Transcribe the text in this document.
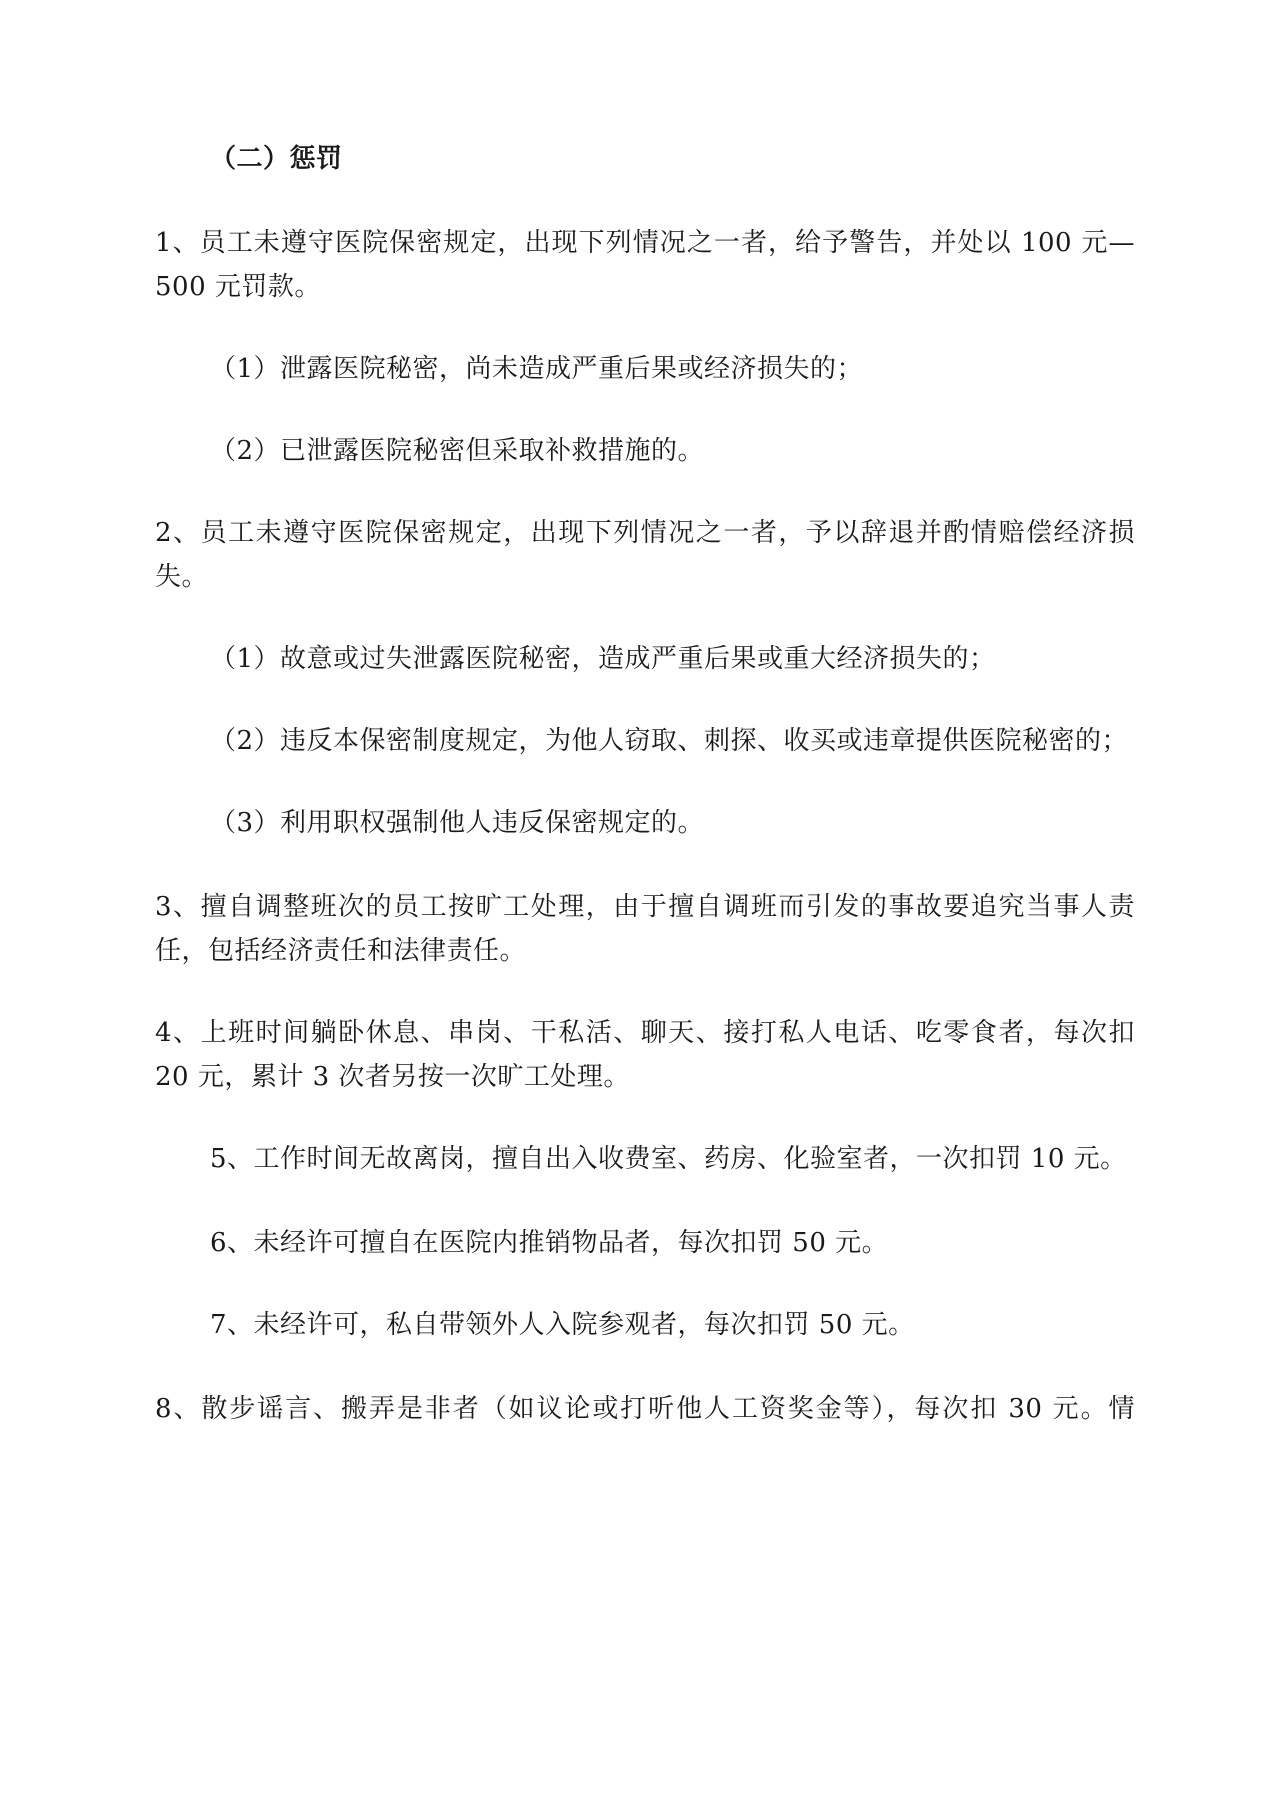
（二）惩罚

1、员工未遵守医院保密规定，出现下列情况之一者，给予警告，并处以 100 元—

500 元罚款。

（1）泄露医院秘密，尚未造成严重后果或经济损失的；

（2）已泄露医院秘密但采取补救措施的。

2、员工未遵守医院保密规定，出现下列情况之一者，予以辞退并酌情赔偿经济损

失。

（1）故意或过失泄露医院秘密，造成严重后果或重大经济损失的；

（2）违反本保密制度规定，为他人窃取、刺探、收买或违章提供医院秘密的；

（3）利用职权强制他人违反保密规定的。

3、擅自调整班次的员工按旷工处理，由于擅自调班而引发的事故要追究当事人责

任，包括经济责任和法律责任。

4、上班时间躺卧休息、串岗、干私活、聊天、接打私人电话、吃零食者，每次扣

20 元，累计 3 次者另按一次旷工处理。

5、工作时间无故离岗，擅自出入收费室、药房、化验室者，一次扣罚 10 元。

6、未经许可擅自在医院内推销物品者，每次扣罚 50 元。

7、未经许可，私自带领外人入院参观者，每次扣罚 50 元。

8、散步谣言、搬弄是非者（如议论或打听他人工资奖金等），每次扣 30 元。情
